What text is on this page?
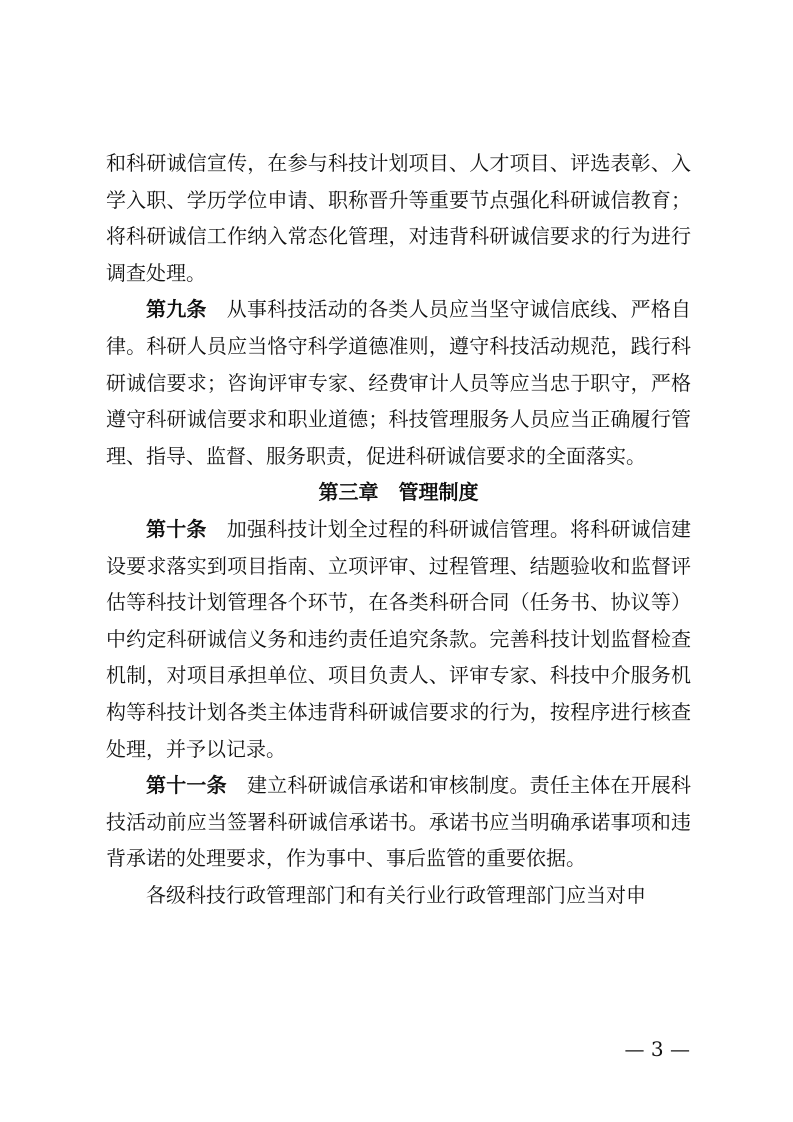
和科研诚信宣传，在参与科技计划项目、人才项目、评选表彰、入学入职、学历学位申请、职称晋升等重要节点强化科研诚信教育；将科研诚信工作纳入常态化管理，对违背科研诚信要求的行为进行调查处理。

第九条 从事科技活动的各类人员应当坚守诚信底线、严格自律。科研人员应当恪守科学道德准则，遵守科技活动规范，践行科研诚信要求；咨询评审专家、经费审计人员等应当忠于职守，严格遵守科研诚信要求和职业道德；科技管理服务人员应当正确履行管理、指导、监督、服务职责，促进科研诚信要求的全面落实。

第三章　管理制度

第十条 加强科技计划全过程的科研诚信管理。将科研诚信建设要求落实到项目指南、立项评审、过程管理、结题验收和监督评估等科技计划管理各个环节，在各类科研合同（任务书、协议等）中约定科研诚信义务和违约责任追究条款。完善科技计划监督检查机制，对项目承担单位、项目负责人、评审专家、科技中介服务机构等科技计划各类主体违背科研诚信要求的行为，按程序进行核查处理，并予以记录。

第十一条 建立科研诚信承诺和审核制度。责任主体在开展科技活动前应当签署科研诚信承诺书。承诺书应当明确承诺事项和违背承诺的处理要求，作为事中、事后监管的重要依据。

各级科技行政管理部门和有关行业行政管理部门应当对申

— 3 —
